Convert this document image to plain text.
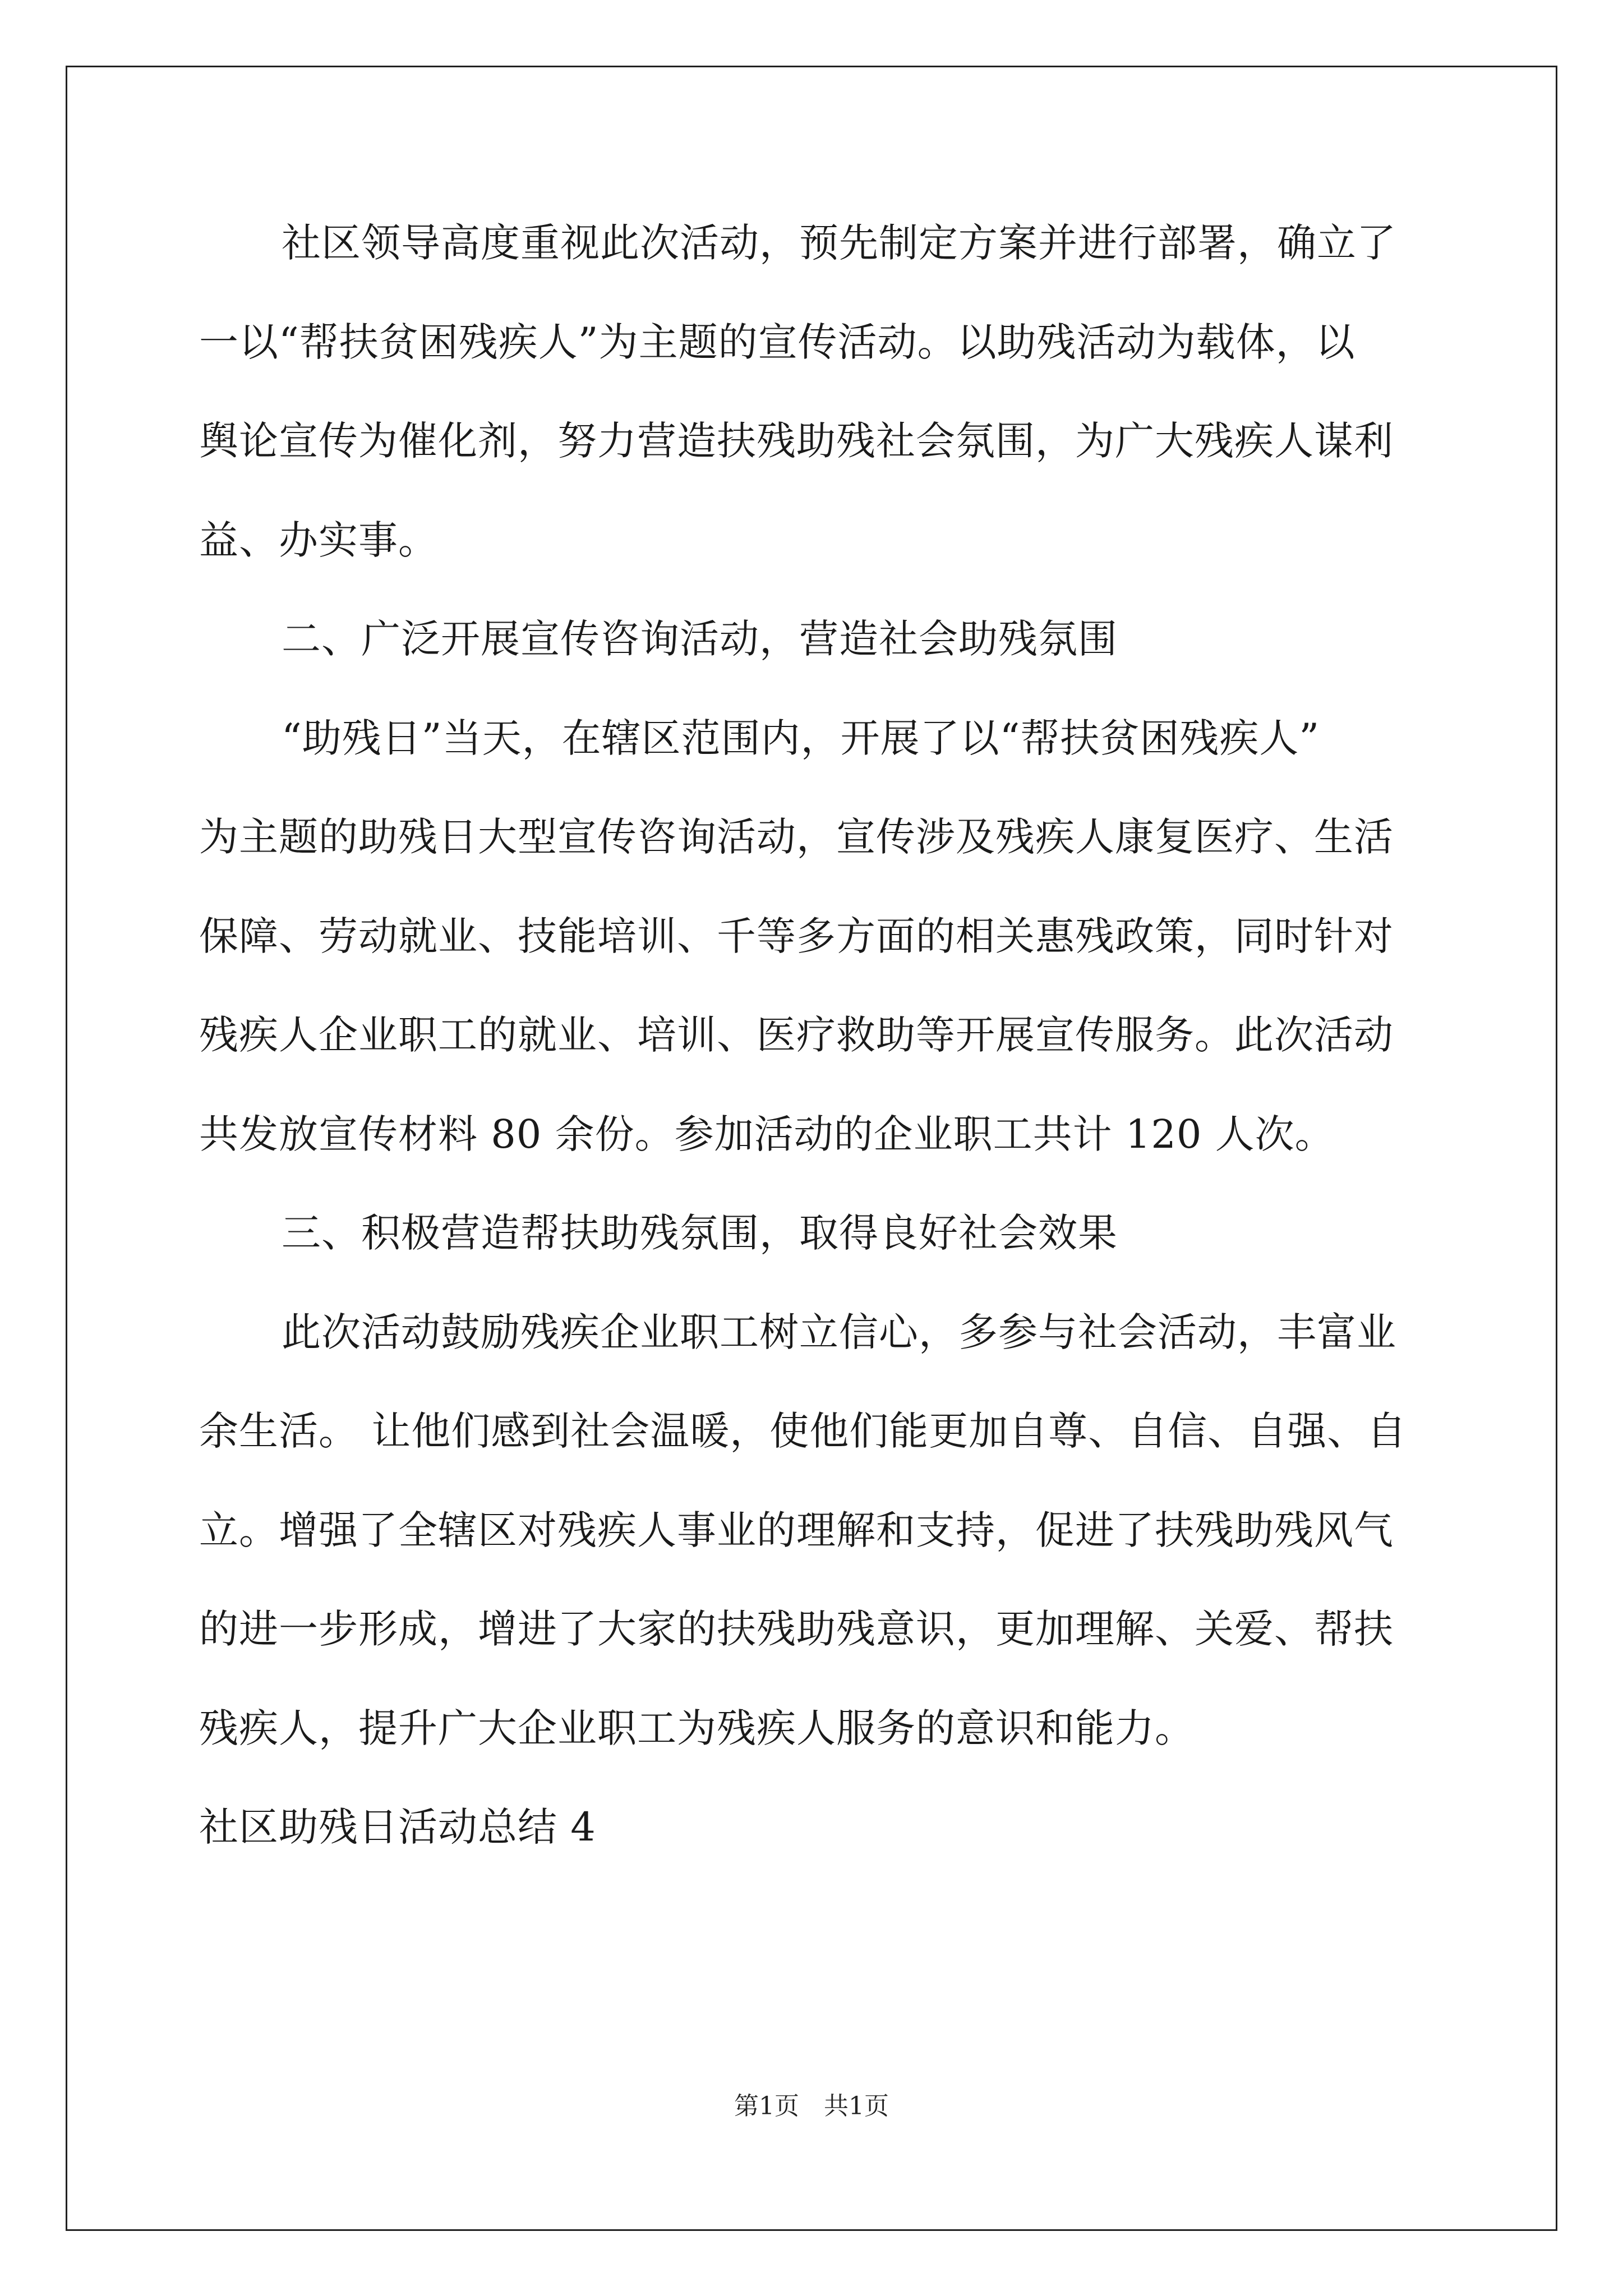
社区领导高度重视此次活动，预先制定方案并进行部署，确立了
一以“帮扶贫困残疾人”为主题的宣传活动。以助残活动为载体，以
舆论宣传为催化剂，努力营造扶残助残社会氛围，为广大残疾人谋利
益、办实事。
二、广泛开展宣传咨询活动，营造社会助残氛围
“助残日”当天，在辖区范围内，开展了以“帮扶贫困残疾人”
为主题的助残日大型宣传咨询活动，宣传涉及残疾人康复医疗、生活
保障、劳动就业、技能培训、千等多方面的相关惠残政策，同时针对
残疾人企业职工的就业、培训、医疗救助等开展宣传服务。此次活动
共发放宣传材料 80 余份。参加活动的企业职工共计 120 人次。
三、积极营造帮扶助残氛围，取得良好社会效果
此次活动鼓励残疾企业职工树立信心，多参与社会活动，丰富业
余生活。 让他们感到社会温暖，使他们能更加自尊、自信、自强、自
立。增强了全辖区对残疾人事业的理解和支持，促进了扶残助残风气
的进一步形成，增进了大家的扶残助残意识，更加理解、关爱、帮扶
残疾人，提升广大企业职工为残疾人服务的意识和能力。
社区助残日活动总结 4
第1页　共1页
